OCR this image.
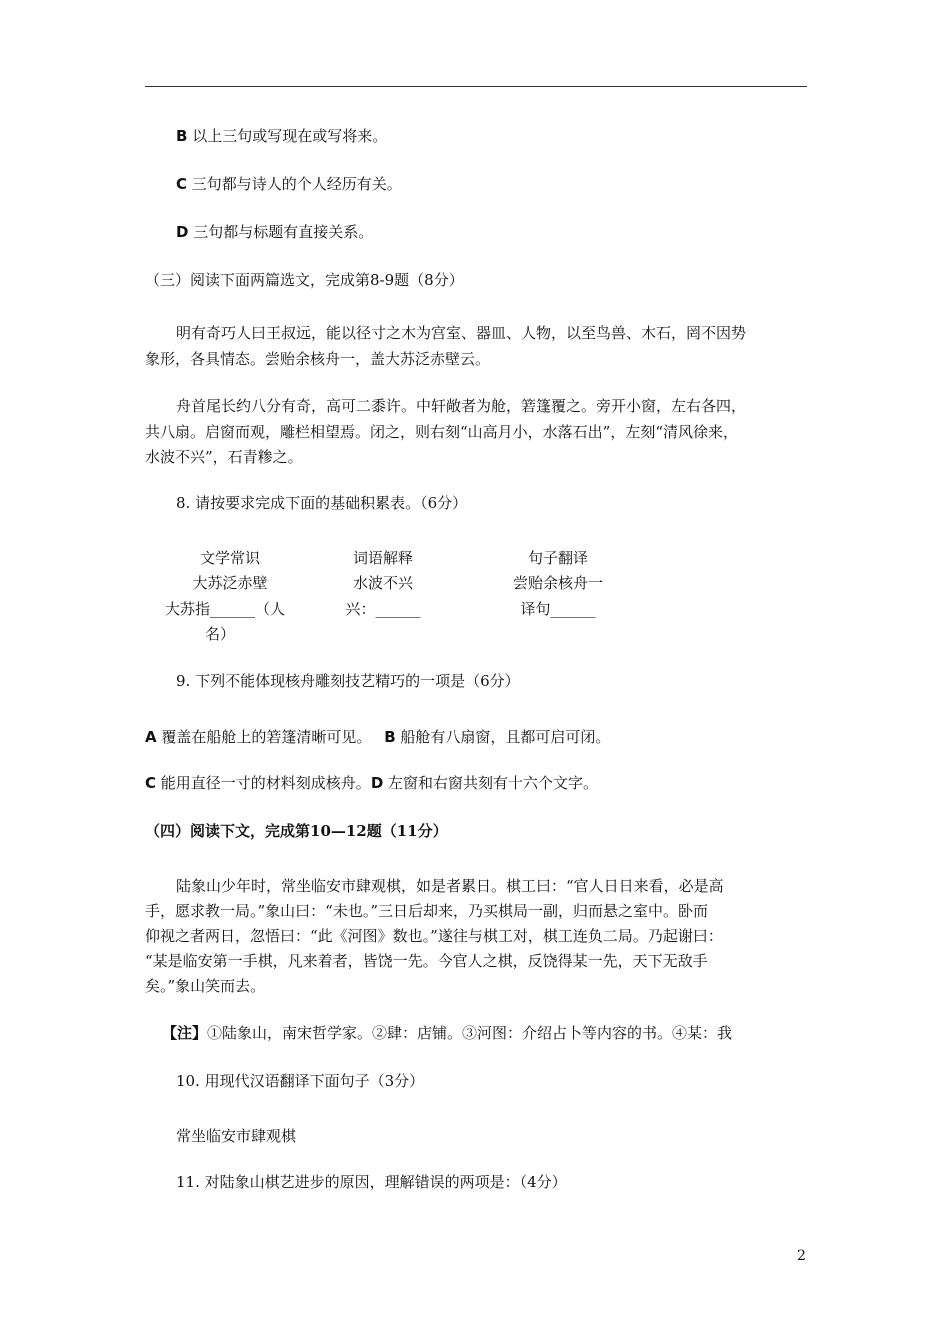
B 以上三句或写现在或写将来。
C 三句都与诗人的个人经历有关。
D 三句都与标题有直接关系。
（三）阅读下面两篇选文，完成第8-9题（8分）
明有奇巧人曰王叔远，能以径寸之木为宫室、器皿、人物，以至鸟兽、木石，罔不因势
象形，各具情态。尝贻余核舟一，盖大苏泛赤壁云。
舟首尾长约八分有奇，高可二黍许。中轩敞者为舱，箬篷覆之。旁开小窗，左右各四，
共八扇。启窗而观，雕栏相望焉。闭之，则右刻“山高月小，水落石出”，左刻“清风徐来，
水波不兴”，石青糁之。
8. 请按要求完成下面的基础积累表。（6分）
文学常识
大苏泛赤壁
大苏指______（人
名）
词语解释
水波不兴
兴：______
句子翻译
尝贻余核舟一
译句______
9. 下列不能体现核舟雕刻技艺精巧的一项是（6分）
A 覆盖在船舱上的箬篷清晰可见。 B 船舱有八扇窗，且都可启可闭。
C 能用直径一寸的材料刻成核舟。D 左窗和右窗共刻有十六个文字。
（四）阅读下文，完成第10—12题（11分）
陆象山少年时，常坐临安市肆观棋，如是者累日。棋工曰：“官人日日来看，必是高
手，愿求教一局。”象山曰：“未也。”三日后却来，乃买棋局一副，归而悬之室中。卧而
仰视之者两日，忽悟曰：“此《河图》数也。”遂往与棋工对，棋工连负二局。乃起谢曰：
“某是临安第一手棋，凡来着者，皆饶一先。今官人之棋，反饶得某一先，天下无敌手
矣。”象山笑而去。
【注】①陆象山，南宋哲学家。②肆：店铺。③河图：介绍占卜等内容的书。④某：我
10. 用现代汉语翻译下面句子（3分）
常坐临安市肆观棋
11. 对陆象山棋艺进步的原因，理解错误的两项是：（4分）
2
